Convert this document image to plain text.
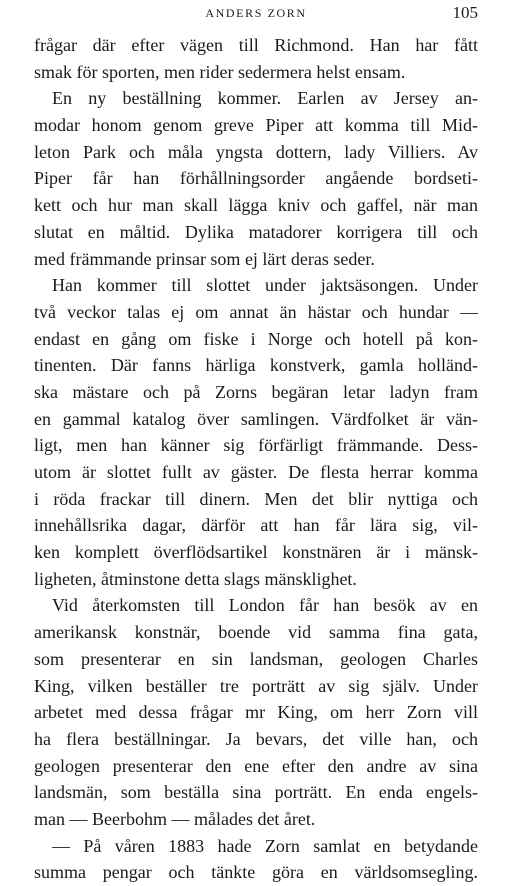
ANDERS ZORN	105
frågar där efter vägen till Richmond. Han har fått
smak för sporten, men rider sedermera helst ensam.
En ny beställning kommer. Earlen av Jersey an-
modar honom genom greve Piper att komma till Mid-
leton Park och måla yngsta dottern, lady Villiers. Av
Piper får han förhållningsorder angående bordseti-
kett och hur man skall lägga kniv och gaffel, när man
slutat en måltid. Dylika matadorer korrigera till och
med främmande prinsar som ej lärt deras seder.
Han kommer till slottet under jaktsäsongen. Under
två veckor talas ej om annat än hästar och hundar —
endast en gång om fiske i Norge och hotell på kon-
tinenten. Där fanns härliga konstverk, gamla holländ-
ska mästare och på Zorns begäran letar ladyn fram
en gammal katalog över samlingen. Värdfolket är vän-
ligt, men han känner sig förfärligt främmande. Dess-
utom är slottet fullt av gäster. De flesta herrar komma
i röda frackar till dinern. Men det blir nyttiga och
innehållsrika dagar, därför att han får lära sig, vil-
ken komplett överflödsartikel konstnären är i mänsk-
ligheten, åtminstone detta slags mänsklighet.
Vid återkomsten till London får han besök av en
amerikansk konstnär, boende vid samma fina gata,
som presenterar en sin landsman, geologen Charles
King, vilken beställer tre porträtt av sig själv. Under
arbetet med dessa frågar mr King, om herr Zorn vill
ha flera beställningar. Ja bevars, det ville han, och
geologen presenterar den ene efter den andre av sina
landsmän, som beställa sina porträtt. En enda engels-
man — Beerbohm — målades det året.
— På våren 1883 hade Zorn samlat en betydande
summa pengar och tänkte göra en världsomsegling.
